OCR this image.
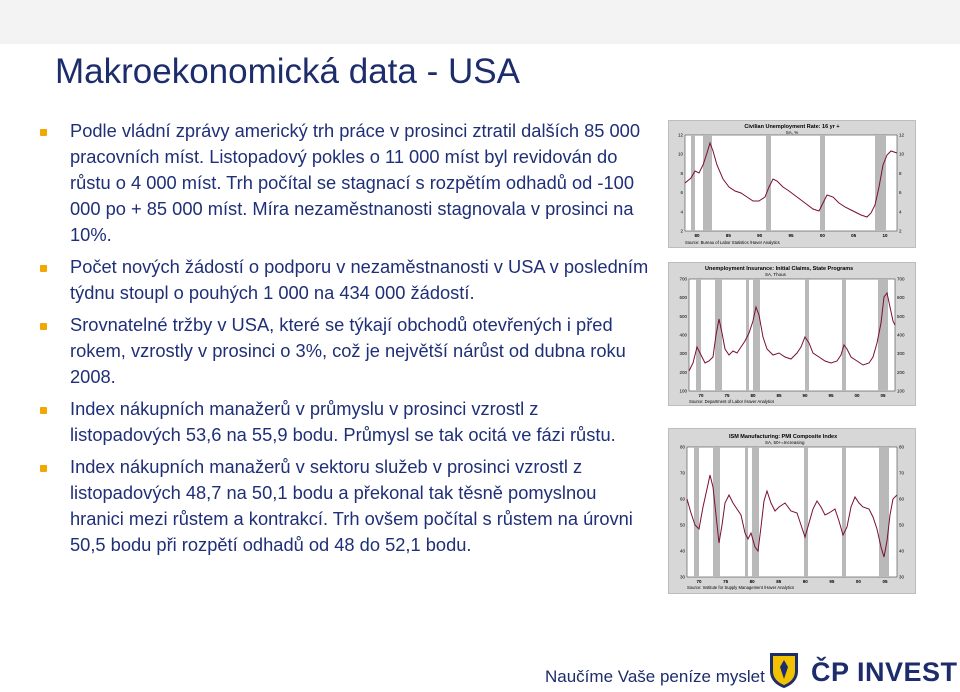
Makroekonomická data - USA
Podle vládní zprávy americký trh práce v prosinci ztratil dalších 85 000 pracovních míst. Listopadový pokles o 11 000 míst byl revidován do růstu o 4 000 míst. Trh počítal se stagnací s rozpětím odhadů od -100 000 po + 85 000 míst. Míra nezaměstnanosti stagnovala v prosinci na 10%.
Počet nových žádostí o podporu v nezaměstnanosti v USA v posledním týdnu stoupl o pouhých 1 000 na 434 000 žádostí.
Srovnatelné tržby v USA, které se týkají obchodů otevřených i před rokem, vzrostly v prosinci o 3%, což je největší nárůst od dubna roku 2008.
Index nákupních manažerů v průmyslu v prosinci vzrostl z listopadových 53,6 na 55,9 bodu. Průmysl se tak ocitá ve fázi růstu.
Index nákupních manažerů v sektoru služeb v prosinci vzrostl z listopadových 48,7 na 50,1 bodu a překonal tak těsně pomyslnou hranici mezi růstem a kontrakcí. Trh ovšem počítal s růstem na úrovni 50,5 bodu při rozpětí odhadů od 48 do 52,1 bodu.
Civilian Unemployment Rate: 16 yr +
SA, %
12	12
10	10
8	8
6	6
4	4
2	2
80	85	90	95	00	05	10
Source: Bureau of Labor Statistics /Haver Analytics
Unemployment Insurance: Initial Claims, State Programs
SA, Thous
700	700
600	600
500	500
400	400
300	300
200	200
100	100
70	75	80	85	90	95	00	05
Source: Department of Labor /Haver Analytics
ISM Manufacturing: PMI Composite Index
SA, 50+=Increasing
80	80
70	70
60	60
50	50
40	40
30	30
70	75	80	85	90	95	00	05
Source: Institute for Supply Management /Haver Analytics
Naučíme Vaše peníze myslet ČP INVEST
